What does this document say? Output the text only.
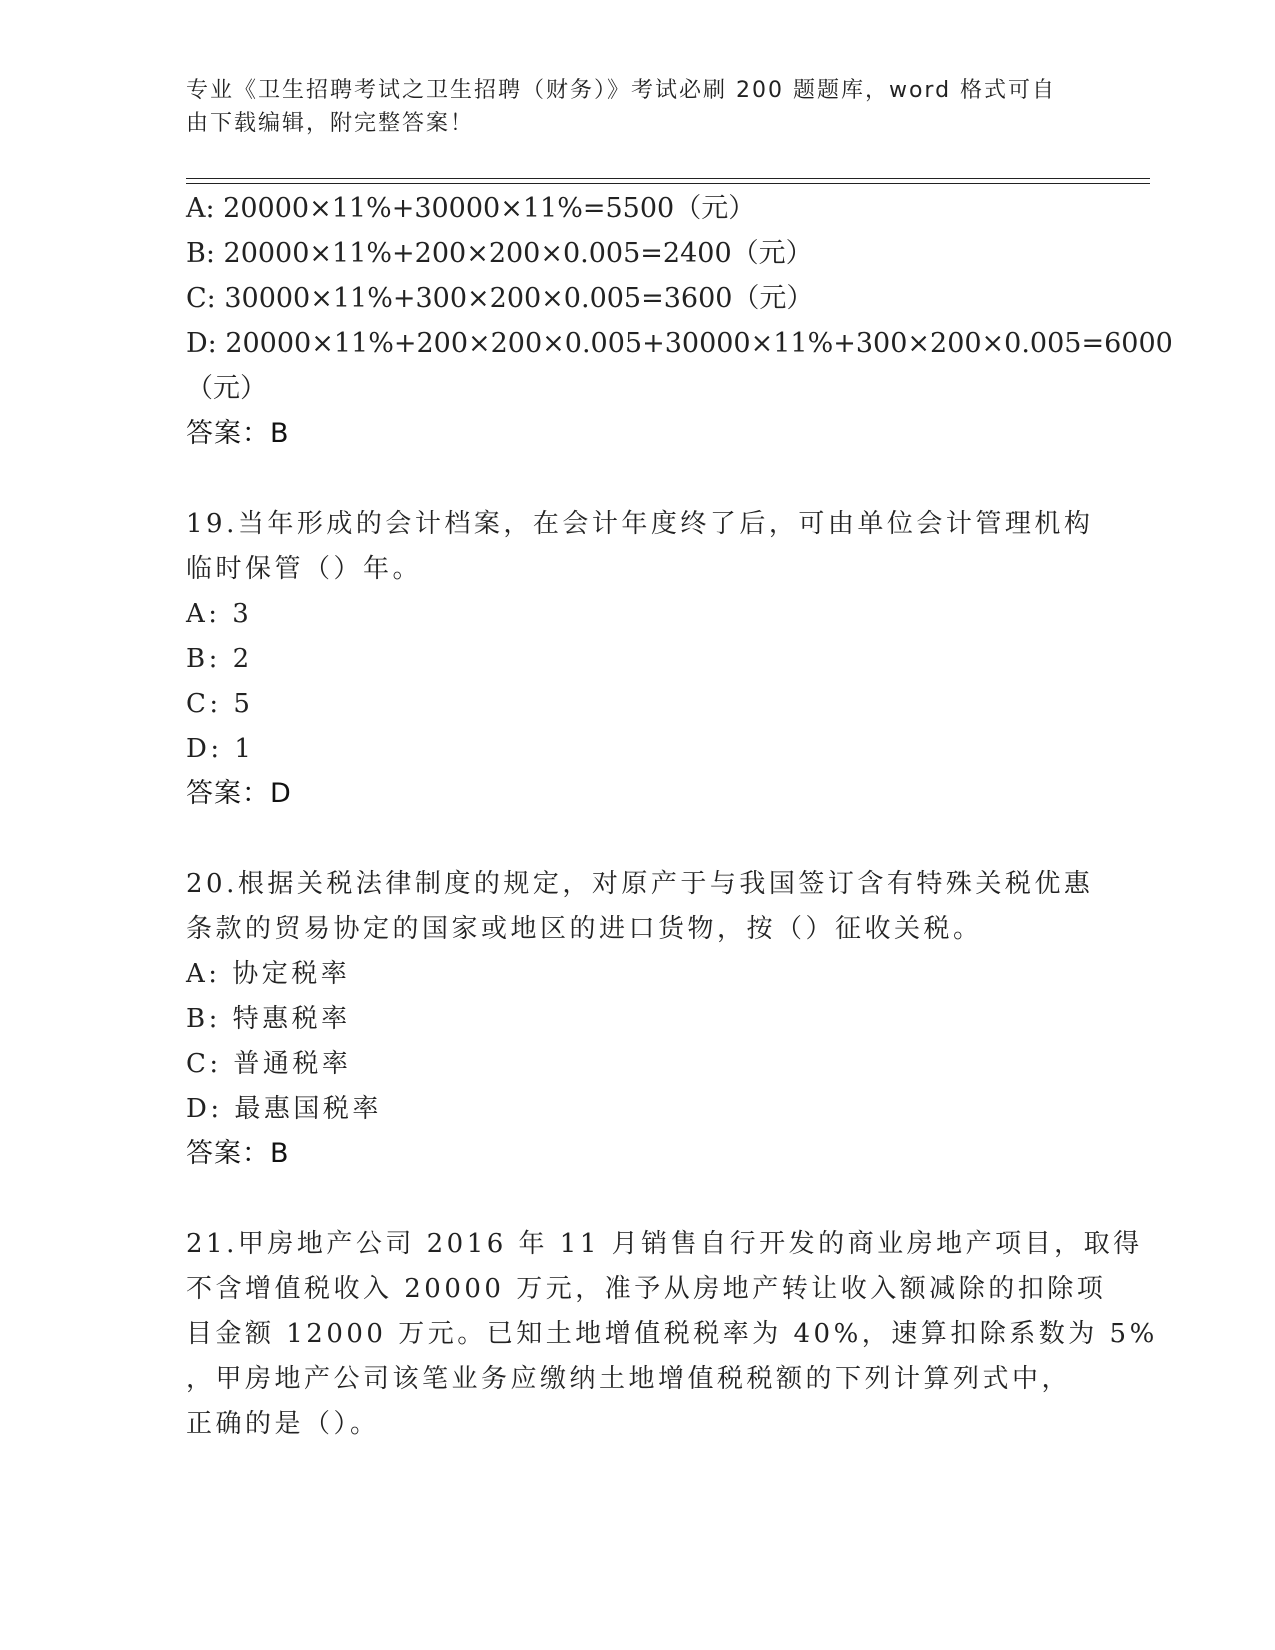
专业《卫生招聘考试之卫生招聘（财务）》考试必刷 200 题题库，word 格式可自
由下载编辑，附完整答案！
A: 20000×11%+30000×11%=5500（元）
B: 20000×11%+200×200×0.005=2400（元）
C: 30000×11%+300×200×0.005=3600（元）
D: 20000×11%+200×200×0.005+30000×11%+300×200×0.005=6000
（元）
答案：B
19.当年形成的会计档案，在会计年度终了后，可由单位会计管理机构
临时保管（）年。
A: 3
B: 2
C: 5
D: 1
答案：D
20.根据关税法律制度的规定，对原产于与我国签订含有特殊关税优惠
条款的贸易协定的国家或地区的进口货物，按（）征收关税。
A: 协定税率
B: 特惠税率
C: 普通税率
D: 最惠国税率
答案：B
21.甲房地产公司 2016 年 11 月销售自行开发的商业房地产项目，取得
不含增值税收入 20000 万元，准予从房地产转让收入额减除的扣除项
目金额 12000 万元。已知土地增值税税率为 40%，速算扣除系数为 5%
，甲房地产公司该笔业务应缴纳土地增值税税额的下列计算列式中，
正确的是（）。
